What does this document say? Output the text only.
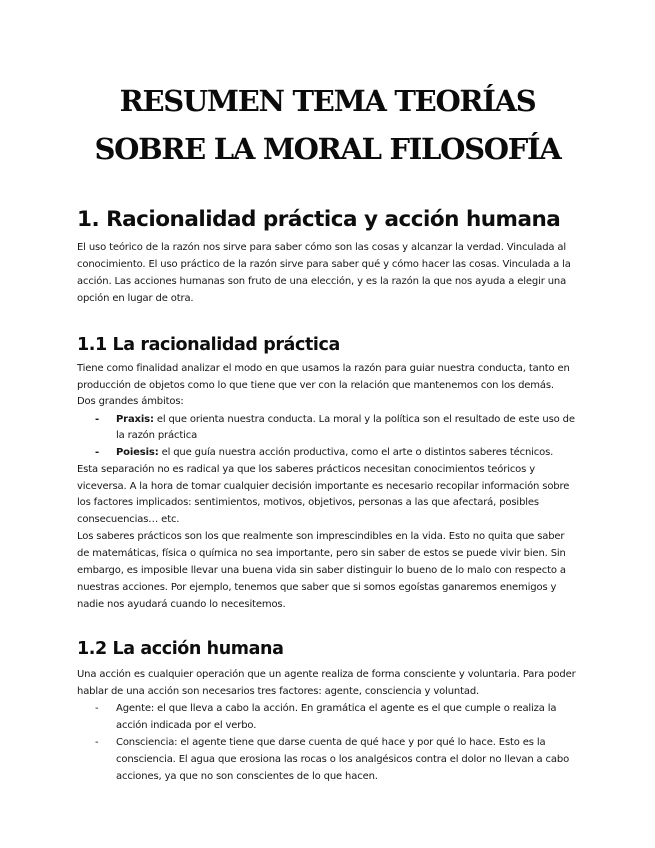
RESUMEN TEMA TEORÍAS
SOBRE LA MORAL FILOSOFÍA
1. Racionalidad práctica y acción humana
El uso teórico de la razón nos sirve para saber cómo son las cosas y alcanzar la verdad. Vinculada al
conocimiento. El uso práctico de la razón sirve para saber qué y cómo hacer las cosas. Vinculada a la
acción. Las acciones humanas son fruto de una elección, y es la razón la que nos ayuda a elegir una
opción en lugar de otra.
1.1 La racionalidad práctica
Tiene como finalidad analizar el modo en que usamos la razón para guiar nuestra conducta, tanto en
producción de objetos como lo que tiene que ver con la relación que mantenemos con los demás.
Dos grandes ámbitos:
- Praxis: el que orienta nuestra conducta. La moral y la política son el resultado de este uso de
la razón práctica
- Poiesis: el que guía nuestra acción productiva, como el arte o distintos saberes técnicos.
Esta separación no es radical ya que los saberes prácticos necesitan conocimientos teóricos y
viceversa. A la hora de tomar cualquier decisión importante es necesario recopilar información sobre
los factores implicados: sentimientos, motivos, objetivos, personas a las que afectará, posibles
consecuencias… etc.
Los saberes prácticos son los que realmente son imprescindibles en la vida. Esto no quita que saber
de matemáticas, física o química no sea importante, pero sin saber de estos se puede vivir bien. Sin
embargo, es imposible llevar una buena vida sin saber distinguir lo bueno de lo malo con respecto a
nuestras acciones. Por ejemplo, tenemos que saber que si somos egoístas ganaremos enemigos y
nadie nos ayudará cuando lo necesitemos.
1.2 La acción humana
Una acción es cualquier operación que un agente realiza de forma consciente y voluntaria. Para poder
hablar de una acción son necesarios tres factores: agente, consciencia y voluntad.
- Agente: el que lleva a cabo la acción. En gramática el agente es el que cumple o realiza la
acción indicada por el verbo.
- Consciencia: el agente tiene que darse cuenta de qué hace y por qué lo hace. Esto es la
consciencia. El agua que erosiona las rocas o los analgésicos contra el dolor no llevan a cabo
acciones, ya que no son conscientes de lo que hacen.
